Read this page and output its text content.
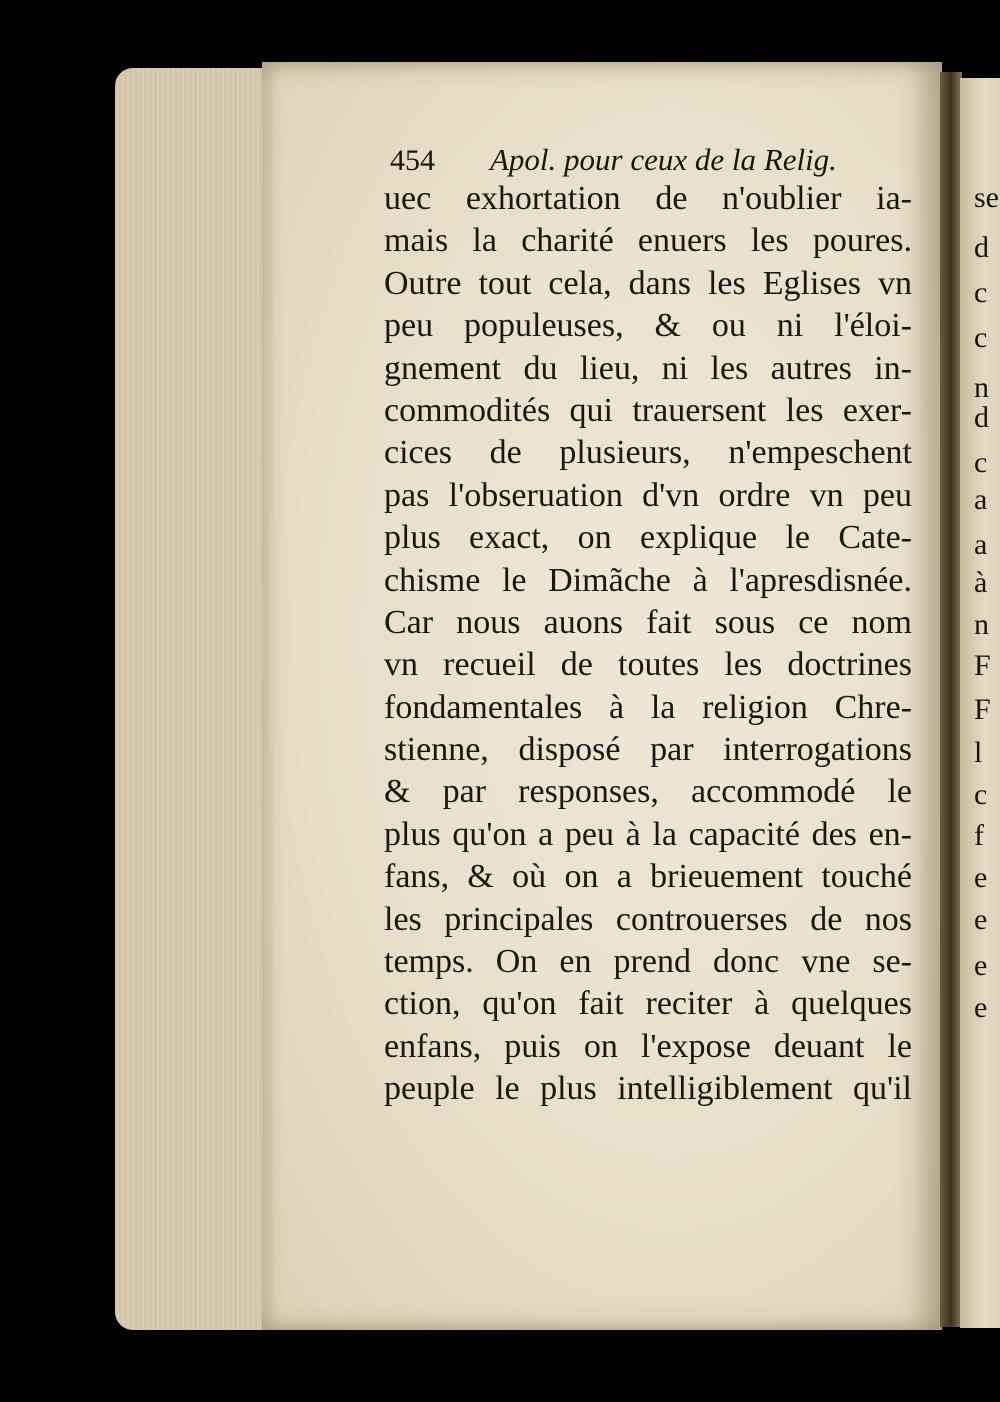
se
d
c
c
n
d
c
a
a
à
n
F
F
l
c
f
e
e
e
e
454 Apol. pour ceux de la Relig.
uec exhortation de n'oublier ia-
mais la charité enuers les poures.
Outre tout cela, dans les Eglises vn
peu populeuses, & ou ni l'éloi-
gnement du lieu, ni les autres in-
commodités qui trauersent les exer-
cices de plusieurs, n'empeschent
pas l'obseruation d'vn ordre vn peu
plus exact, on explique le Cate-
chisme le Dimãche à l'apresdisnée.
Car nous auons fait sous ce nom
vn recueil de toutes les doctrines
fondamentales à la religion Chre-
stienne, disposé par interrogations
& par responses, accommodé le
plus qu'on a peu à la capacité des en-
fans, & où on a brieuement touché
les principales controuerses de nos
temps. On en prend donc vne se-
ction, qu'on fait reciter à quelques
enfans, puis on l'expose deuant le
peuple le plus intelligiblement qu'il
